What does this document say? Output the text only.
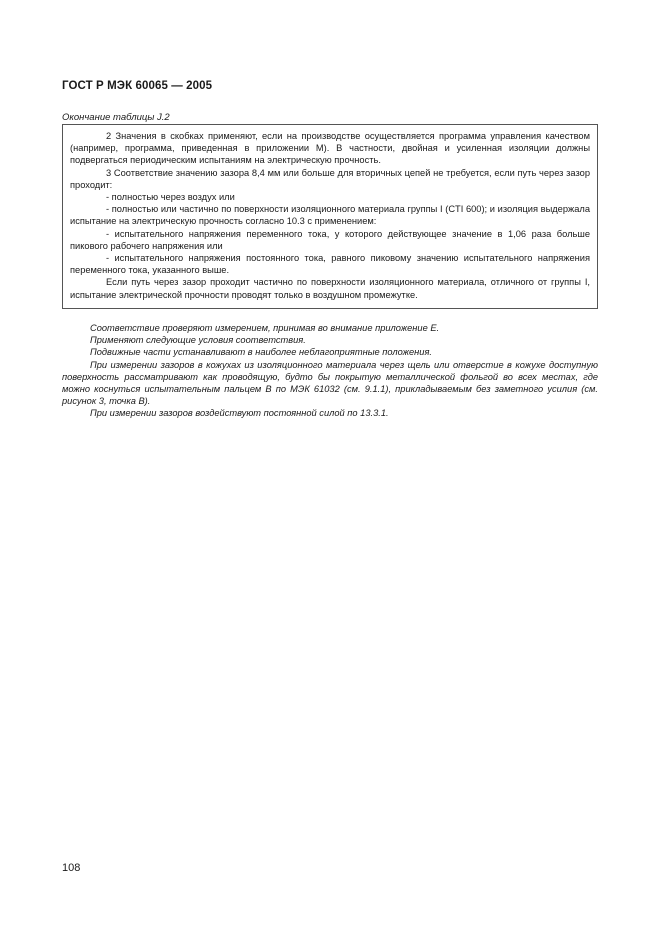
ГОСТ Р МЭК 60065 — 2005
Окончание таблицы J.2

2 Значения в скобках применяют, если на производстве осуществляется программа управления качеством (например, программа, приведенная в приложении М). В частности, двойная и усиленная изоляции должны подвергаться периодическим испытаниям на электрическую прочность.

3 Соответствие значению зазора 8,4 мм или больше для вторичных цепей не требуется, если путь через зазор проходит:

- полностью через воздух или

- полностью или частично по поверхности изоляционного материала группы I (CTI 600); и изоляция выдержала испытание на электрическую прочность согласно 10.3 с применением:

- испытательного напряжения переменного тока, у которого действующее значение в 1,06 раза больше пикового рабочего напряжения или

- испытательного напряжения постоянного тока, равного пиковому значению испытательного напряжения переменного тока, указанного выше.

Если путь через зазор проходит частично по поверхности изоляционного материала, отличного от группы I, испытание электрической прочности проводят только в воздушном промежутке.

Соответствие проверяют измерением, принимая во внимание приложение Е.

Применяют следующие условия соответствия.

Подвижные части устанавливают в наиболее неблагоприятные положения.

При измерении зазоров в кожухах из изоляционного материала через щель или отверстие в кожухе доступную поверхность рассматривают как проводящую, будто бы покрытую металлической фольгой во всех местах, где можно коснуться испытательным пальцем В по МЭК 61032 (см. 9.1.1), прикладываемым без заметного усилия (см. рисунок 3, точка В).

При измерении зазоров воздействуют постоянной силой по 13.3.1.

108
